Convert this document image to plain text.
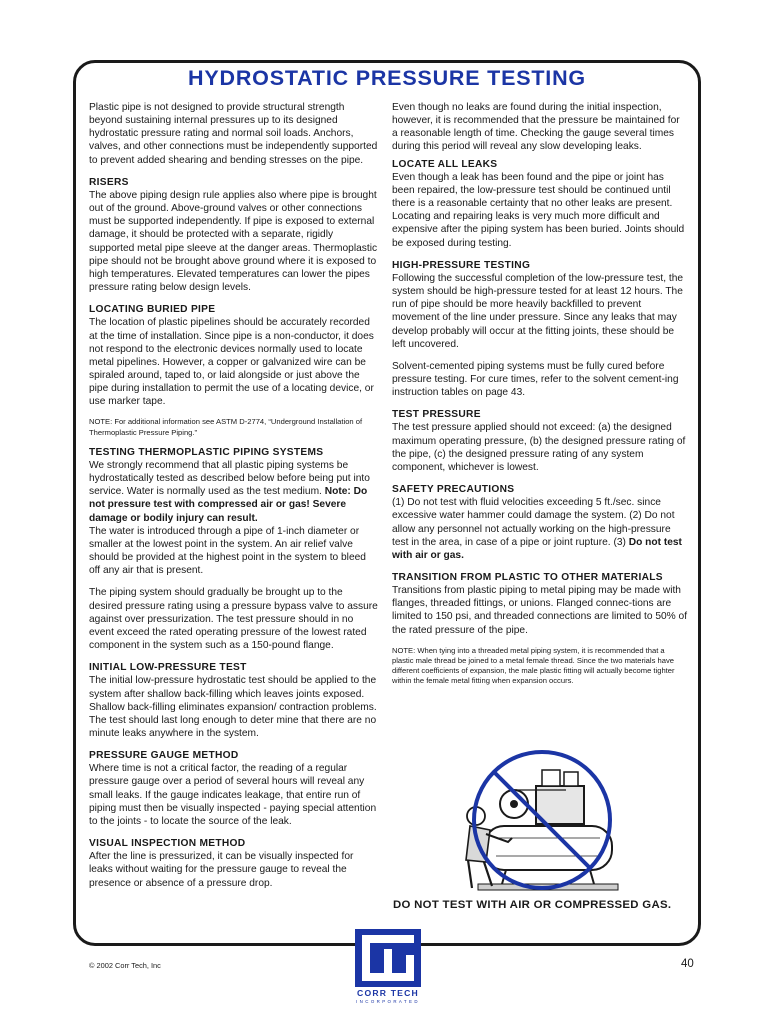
HYDROSTATIC PRESSURE TESTING

Plastic pipe is not designed to provide structural strength beyond sustaining internal pressures up to its designed hydrostatic pressure rating and normal soil loads. Anchors, valves, and other connections must be independently supported to prevent added shearing and bending stresses on the pipe.

RISERS

The above piping design rule applies also where pipe is brought out of the ground. Above-ground valves or other connections must be supported independently. If pipe is exposed to external damage, it should be protected with a separate, rigidly supported metal pipe sleeve at the danger areas. Thermoplastic pipe should not be brought above ground where it is exposed to high temperatures. Elevated temperatures can lower the pipes pressure rating below design levels.

LOCATING BURIED PIPE

The location of plastic pipelines should be accurately recorded at the time of installation. Since pipe is a non-conductor, it does not respond to the electronic devices normally used to locate metal pipelines. However, a copper or galvanized wire can be spiraled around, taped to, or laid alongside or just above the pipe during installation to permit the use of a locating device, or use marker tape.

NOTE: For additional information see ASTM D-2774, “Underground Installation of Thermoplastic Pressure Piping.”

TESTING THERMOPLASTIC PIPING SYSTEMS

We strongly recommend that all plastic piping systems be hydrostatically tested as described below before being put into service. Water is normally used as the test medium. Note: Do not pressure test with compressed air or gas! Severe damage or bodily injury can result.

The water is introduced through a pipe of 1-inch diameter or smaller at the lowest point in the system. An air relief valve should be provided at the highest point in the system to bleed off any air that is present.

The piping system should gradually be brought up to the desired pressure rating using a pressure bypass valve to assure against over pressurization. The test pressure should in no event exceed the rated operating pressure of the lowest rated component in the system such as a 150-pound flange.

INITIAL LOW-PRESSURE TEST

The initial low-pressure hydrostatic test should be applied to the system after shallow back-filling which leaves joints exposed. Shallow back-filling eliminates expansion/ contraction problems. The test should last long enough to deter mine that there are no minute leaks anywhere in the system.

PRESSURE GAUGE METHOD

Where time is not a critical factor, the reading of a regular pressure gauge over a period of several hours will reveal any small leaks. If the gauge indicates leakage, that entire run of piping must then be visually inspected - paying special attention to the joints - to locate the source of the leak.

VISUAL INSPECTION METHOD

After the line is pressurized, it can be visually inspected for leaks without waiting for the pressure gauge to reveal the presence or absence of a pressure drop.

Even though no leaks are found during the initial inspection, however, it is recommended that the pressure be maintained for a reasonable length of time. Checking the gauge several times during this period will reveal any slow developing leaks.

LOCATE ALL LEAKS

Even though a leak has been found and the pipe or joint has been repaired, the low-pressure test should be continued until there is a reasonable certainty that no other leaks are present. Locating and repairing leaks is very much more difficult and expensive after the piping system has been buried. Joints should be exposed during testing.

HIGH-PRESSURE TESTING

Following the successful completion of the low-pressure test, the system should be high-pressure tested for at least 12 hours. The run of pipe should be more heavily backfilled to prevent movement of the line under pressure. Since any leaks that may develop probably will occur at the fitting joints, these should be left uncovered.

Solvent-cemented piping systems must be fully cured before pressure testing. For cure times, refer to the solvent cement-ing instruction tables on page 43.

TEST PRESSURE

The test pressure applied should not exceed: (a) the designed maximum operating pressure, (b) the designed pressure rating of the pipe, (c) the designed pressure rating of any system component, whichever is lowest.

SAFETY PRECAUTIONS

(1) Do not test with fluid velocities exceeding 5 ft./sec. since excessive water hammer could damage the system. (2) Do not allow any personnel not actually working on the high-pressure test in the area, in case of a pipe or joint rupture. (3) Do not test with air or gas.

TRANSITION FROM PLASTIC TO OTHER MATERIALS

Transitions from plastic piping to metal piping may be made with flanges, threaded fittings, or unions. Flanged connec-tions are limited to 150 psi, and threaded connections are limited to 50% of the rated pressure of the pipe.

NOTE: When tying into a threaded metal piping system, it is recommended that a plastic male thread be joined to a metal female thread. Since the two materials have different coefficients of expansion, the male plastic fitting will actually become tighter within the female metal fitting when expansion occurs.

DO NOT TEST WITH AIR OR COMPRESSED GAS.

© 2002 Corr Tech, Inc	40
CORR TECH
INCORPORATED
